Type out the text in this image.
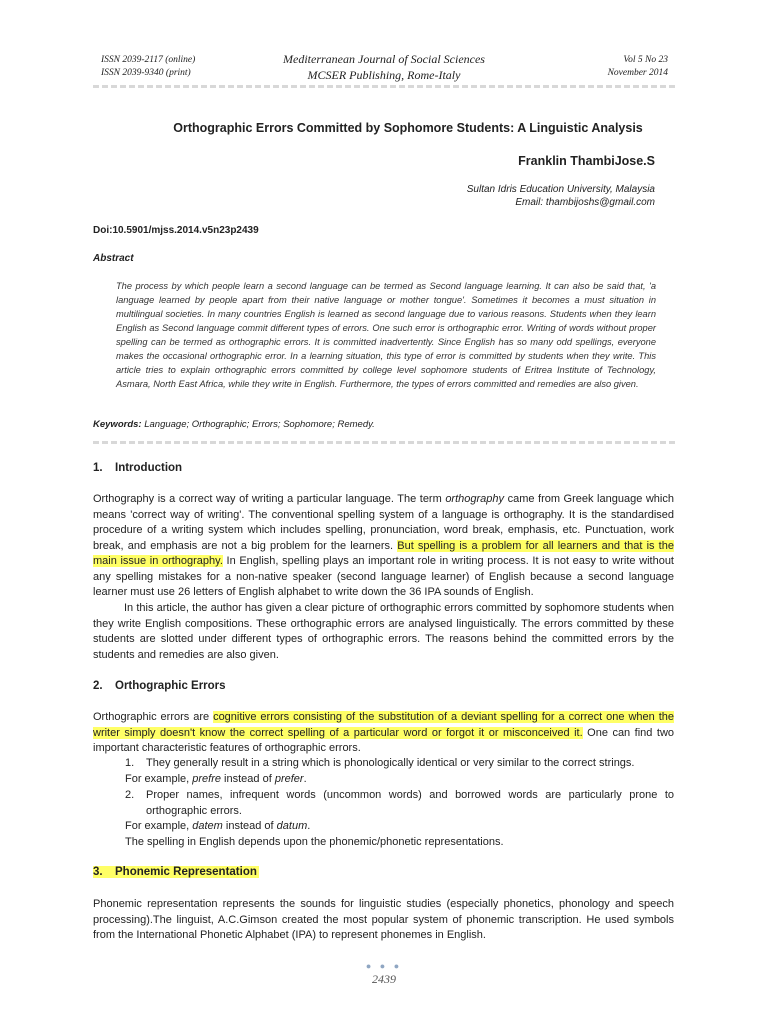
ISSN 2039-2117 (online)
ISSN 2039-9340 (print)
Mediterranean Journal of Social Sciences
MCSER Publishing, Rome-Italy
Vol 5 No 23
November 2014
Orthographic Errors Committed by Sophomore Students: A Linguistic Analysis
Franklin ThambiJose.S
Sultan Idris Education University, Malaysia
Email: thambijoshs@gmail.com
Doi:10.5901/mjss.2014.v5n23p2439
Abstract
The process by which people learn a second language can be termed as Second language learning. It can also be said that, 'a language learned by people apart from their native language or mother tongue'. Sometimes it becomes a must situation in multilingual societies. In many countries English is learned as second language due to various reasons. Students when they learn English as Second language commit different types of errors. One such error is orthographic error. Writing of words without proper spelling can be termed as orthographic errors. It is committed inadvertently. Since English has so many odd spellings, everyone makes the occasional orthographic error. In a learning situation, this type of error is committed by students when they write. This article tries to explain orthographic errors committed by college level sophomore students of Eritrea Institute of Technology, Asmara, North East Africa, while they write in English. Furthermore, the types of errors committed and remedies are also given.
Keywords: Language; Orthographic; Errors; Sophomore; Remedy.
1. Introduction
Orthography is a correct way of writing a particular language. The term orthography came from Greek language which means 'correct way of writing'. The conventional spelling system of a language is orthography. It is the standardised procedure of a writing system which includes spelling, pronunciation, word break, emphasis, etc. Punctuation, work break, and emphasis are not a big problem for the learners. But spelling is a problem for all learners and that is the main issue in orthography. In English, spelling plays an important role in writing process. It is not easy to write without any spelling mistakes for a non-native speaker (second language learner) of English because a second language learner must use 26 letters of English alphabet to write down the 36 IPA sounds of English.
In this article, the author has given a clear picture of orthographic errors committed by sophomore students when they write English compositions. These orthographic errors are analysed linguistically. The errors committed by these students are slotted under different types of orthographic errors. The reasons behind the committed errors by the students and remedies are also given.
2. Orthographic Errors
Orthographic errors are cognitive errors consisting of the substitution of a deviant spelling for a correct one when the writer simply doesn't know the correct spelling of a particular word or forgot it or misconceived it. One can find two important characteristic features of orthographic errors.
1. They generally result in a string which is phonologically identical or very similar to the correct strings.
For example, prefre instead of prefer.
2. Proper names, infrequent words (uncommon words) and borrowed words are particularly prone to orthographic errors.
For example, datem instead of datum.
The spelling in English depends upon the phonemic/phonetic representations.
3. Phonemic Representation
Phonemic representation represents the sounds for linguistic studies (especially phonetics, phonology and speech processing).The linguist, A.C.Gimson created the most popular system of phonemic transcription. He used symbols from the International Phonetic Alphabet (IPA) to represent phonemes in English.
● ● ●
2439
